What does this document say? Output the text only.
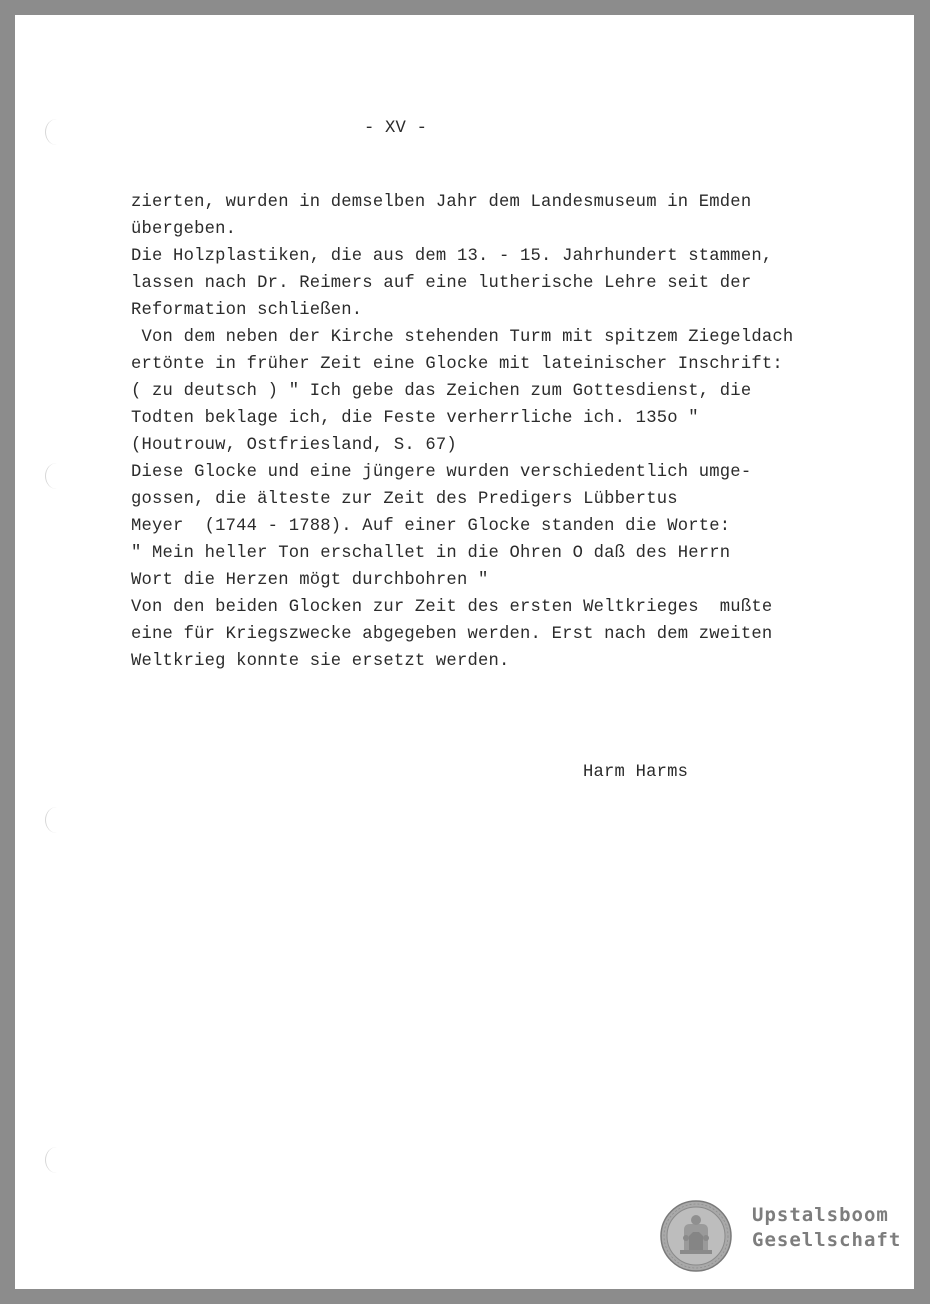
- XV -
zierten, wurden in demselben Jahr dem Landesmuseum in Emden
übergeben.
Die Holzplastiken, die aus dem 13. - 15. Jahrhundert stammen,
lassen nach Dr. Reimers auf eine lutherische Lehre seit der
Reformation schließen.
Von dem neben der Kirche stehenden Turm mit spitzem Ziegeldach
ertönte in früher Zeit eine Glocke mit lateinischer Inschrift:
( zu deutsch ) " Ich gebe das Zeichen zum Gottesdienst, die
Todten beklage ich, die Feste verherrliche ich. 135o "
(Houtrouw, Ostfriesland, S. 67)
Diese Glocke und eine jüngere wurden verschiedentlich umge-
gossen, die älteste zur Zeit des Predigers Lübbertus
Meyer  (1744 - 1788). Auf einer Glocke standen die Worte:
" Mein heller Ton erschallet in die Ohren O daß des Herrn
Wort die Herzen mögt durchbohren "
Von den beiden Glocken zur Zeit des ersten Weltkrieges  mußte
eine für Kriegszwecke abgegeben werden. Erst nach dem zweiten
Weltkrieg konnte sie ersetzt werden.
Harm Harms
Upstalsboom
Gesellschaft
